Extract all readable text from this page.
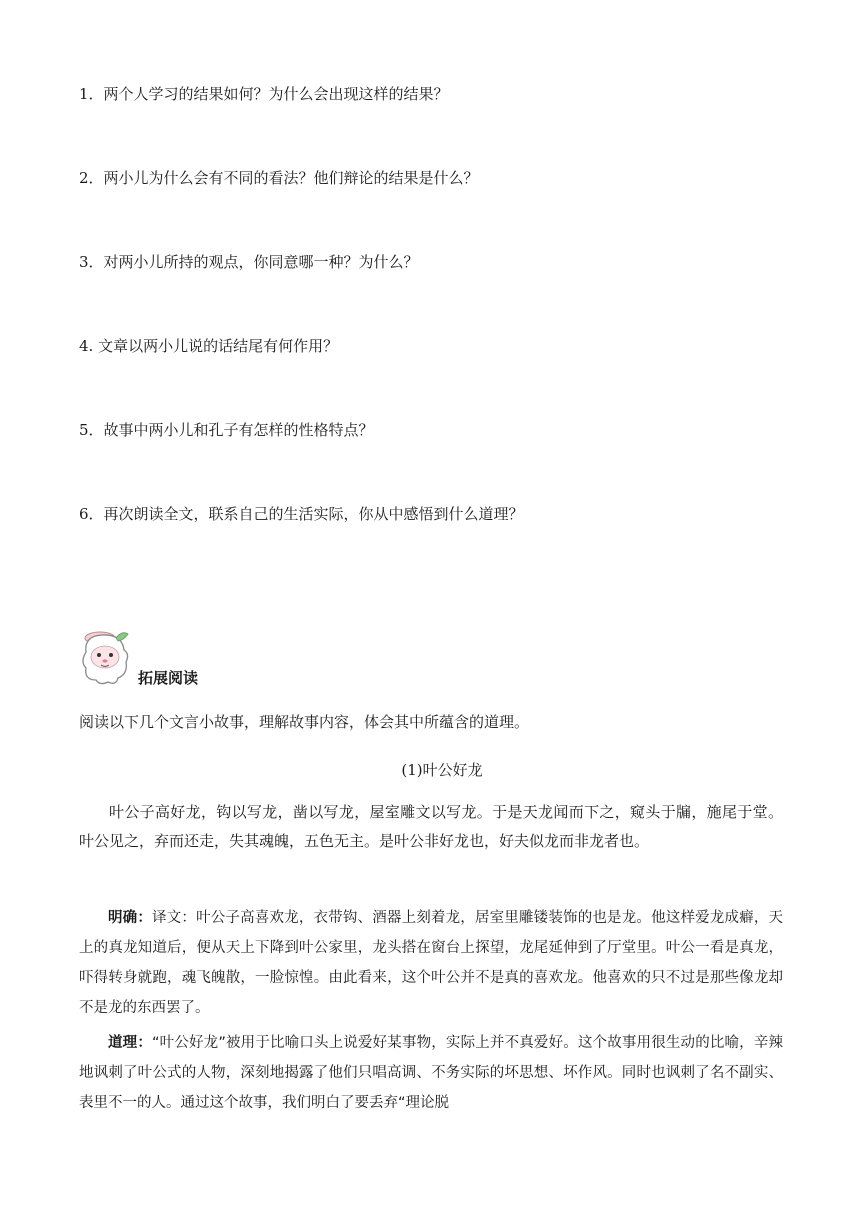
1．两个人学习的结果如何？为什么会出现这样的结果？
2．两小儿为什么会有不同的看法？他们辩论的结果是什么？
3．对两小儿所持的观点，你同意哪一种？为什么？
4. 文章以两小儿说的话结尾有何作用？
5．故事中两小儿和孔子有怎样的性格特点？
6．再次朗读全文，联系自己的生活实际，你从中感悟到什么道理？
拓展阅读
阅读以下几个文言小故事，理解故事内容，体会其中所蕴含的道理。
(1)叶公好龙
叶公子高好龙，钩以写龙，凿以写龙，屋室雕文以写龙。于是天龙闻而下之，窥头于牖，施尾于堂。叶公见之，弃而还走，失其魂魄，五色无主。是叶公非好龙也，好夫似龙而非龙者也。
明确：译文：叶公子高喜欢龙，衣带钩、酒器上刻着龙，居室里雕镂装饰的也是龙。他这样爱龙成癖，天上的真龙知道后，便从天上下降到叶公家里，龙头搭在窗台上探望，龙尾延伸到了厅堂里。叶公一看是真龙，吓得转身就跑，魂飞魄散，一脸惊惶。由此看来，这个叶公并不是真的喜欢龙。他喜欢的只不过是那些像龙却不是龙的东西罢了。
道理：“叶公好龙”被用于比喻口头上说爱好某事物，实际上并不真爱好。这个故事用很生动的比喻，辛辣地讽刺了叶公式的人物，深刻地揭露了他们只唱高调、不务实际的坏思想、坏作风。同时也讽刺了名不副实、表里不一的人。通过这个故事，我们明白了要丢弃“理论脱
